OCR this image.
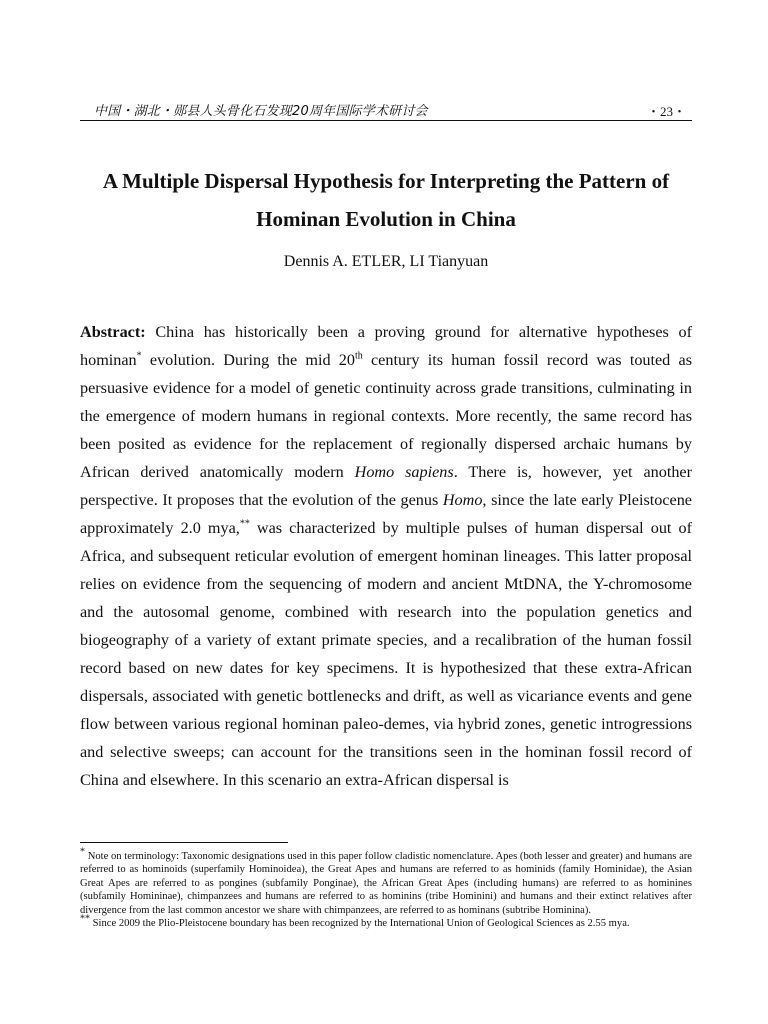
中国・湖北・郧县人头骨化石发现20周年国际学术研讨会	・23・
A Multiple Dispersal Hypothesis for Interpreting the Pattern of
Hominan Evolution in China
Dennis A. ETLER, LI Tianyuan

Abstract: China has historically been a proving ground for alternative hypotheses of hominan* evolution. During the mid 20th century its human fossil record was touted as persuasive evidence for a model of genetic continuity across grade transitions, culminating in the emergence of modern humans in regional contexts. More recently, the same record has been posited as evidence for the replacement of regionally dispersed archaic humans by African derived anatomically modern Homo sapiens. There is, however, yet another perspective. It proposes that the evolution of the genus Homo, since the late early Pleistocene approximately 2.0 mya,** was characterized by multiple pulses of human dispersal out of Africa, and subsequent reticular evolution of emergent hominan lineages. This latter proposal relies on evidence from the sequencing of modern and ancient MtDNA, the Y-chromosome and the autosomal genome, combined with research into the population genetics and biogeography of a variety of extant primate species, and a recalibration of the human fossil record based on new dates for key specimens. It is hypothesized that these extra-African dispersals, associated with genetic bottlenecks and drift, as well as vicariance events and gene flow between various regional hominan paleo-demes, via hybrid zones, genetic introgressions and selective sweeps; can account for the transitions seen in the hominan fossil record of China and elsewhere. In this scenario an extra-African dispersal is

* Note on terminology: Taxonomic designations used in this paper follow cladistic nomenclature. Apes (both lesser and greater) and humans are referred to as hominoids (superfamily Hominoidea), the Great Apes and humans are referred to as hominids (family Hominidae), the Asian Great Apes are referred to as pongines (subfamily Ponginae), the African Great Apes (including humans) are referred to as hominines (subfamily Homininae), chimpanzees and humans are referred to as hominins (tribe Hominini) and humans and their extinct relatives after divergence from the last common ancestor we share with chimpanzees, are referred to as hominans (subtribe Hominina).

** Since 2009 the Plio-Pleistocene boundary has been recognized by the International Union of Geological Sciences as 2.55 mya.
